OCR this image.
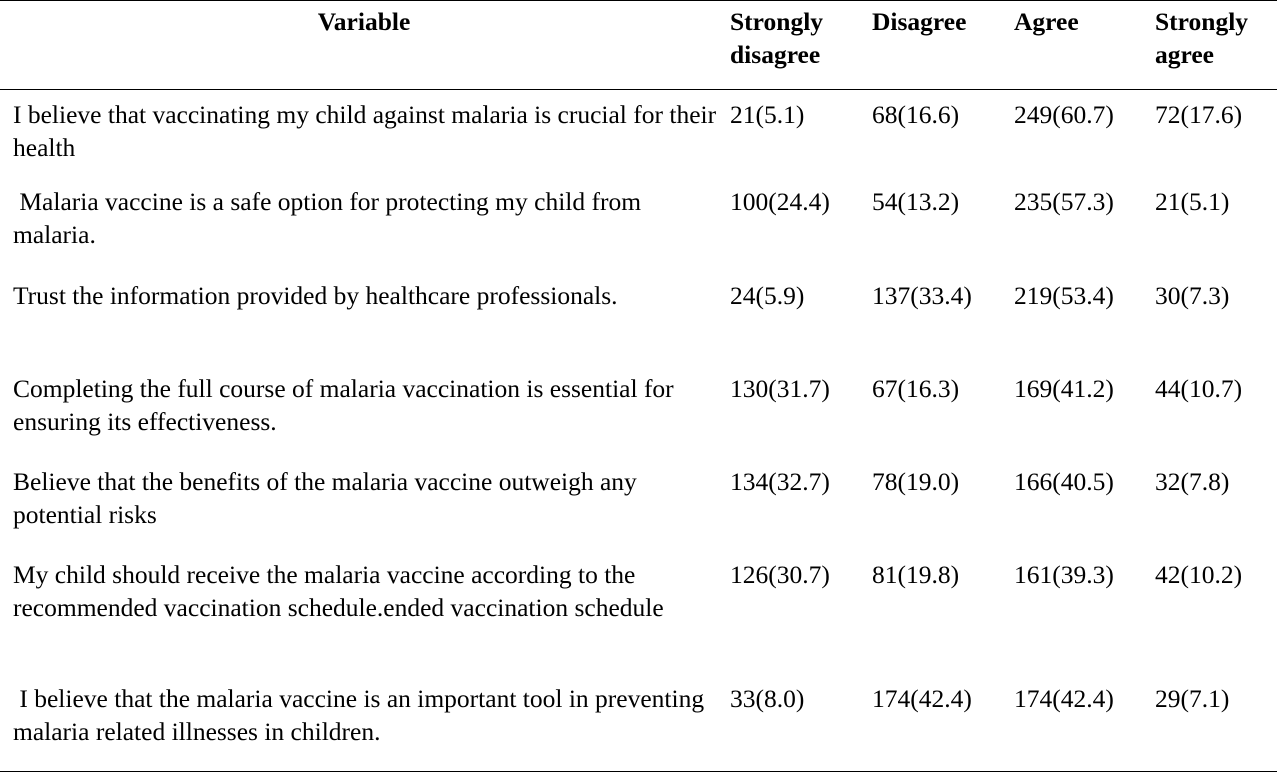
Variable	Strongly disagree	Disagree	Agree	Strongly agree
I believe that vaccinating my child against malaria is crucial for their health	21(5.1)	68(16.6)	249(60.7)	72(17.6)
Malaria vaccine is a safe option for protecting my child from malaria.	100(24.4)	54(13.2)	235(57.3)	21(5.1)
Trust the information provided by healthcare professionals.	24(5.9)	137(33.4)	219(53.4)	30(7.3)
Completing the full course of malaria vaccination is essential for ensuring its effectiveness.	130(31.7)	67(16.3)	169(41.2)	44(10.7)
Believe that the benefits of the malaria vaccine outweigh any potential risks	134(32.7)	78(19.0)	166(40.5)	32(7.8)
My child should receive the malaria vaccine according to the recommended vaccination schedule.ended vaccination schedule	126(30.7)	81(19.8)	161(39.3)	42(10.2)
I believe that the malaria vaccine is an important tool in preventing malaria related illnesses in children.	33(8.0)	174(42.4)	174(42.4)	29(7.1)
